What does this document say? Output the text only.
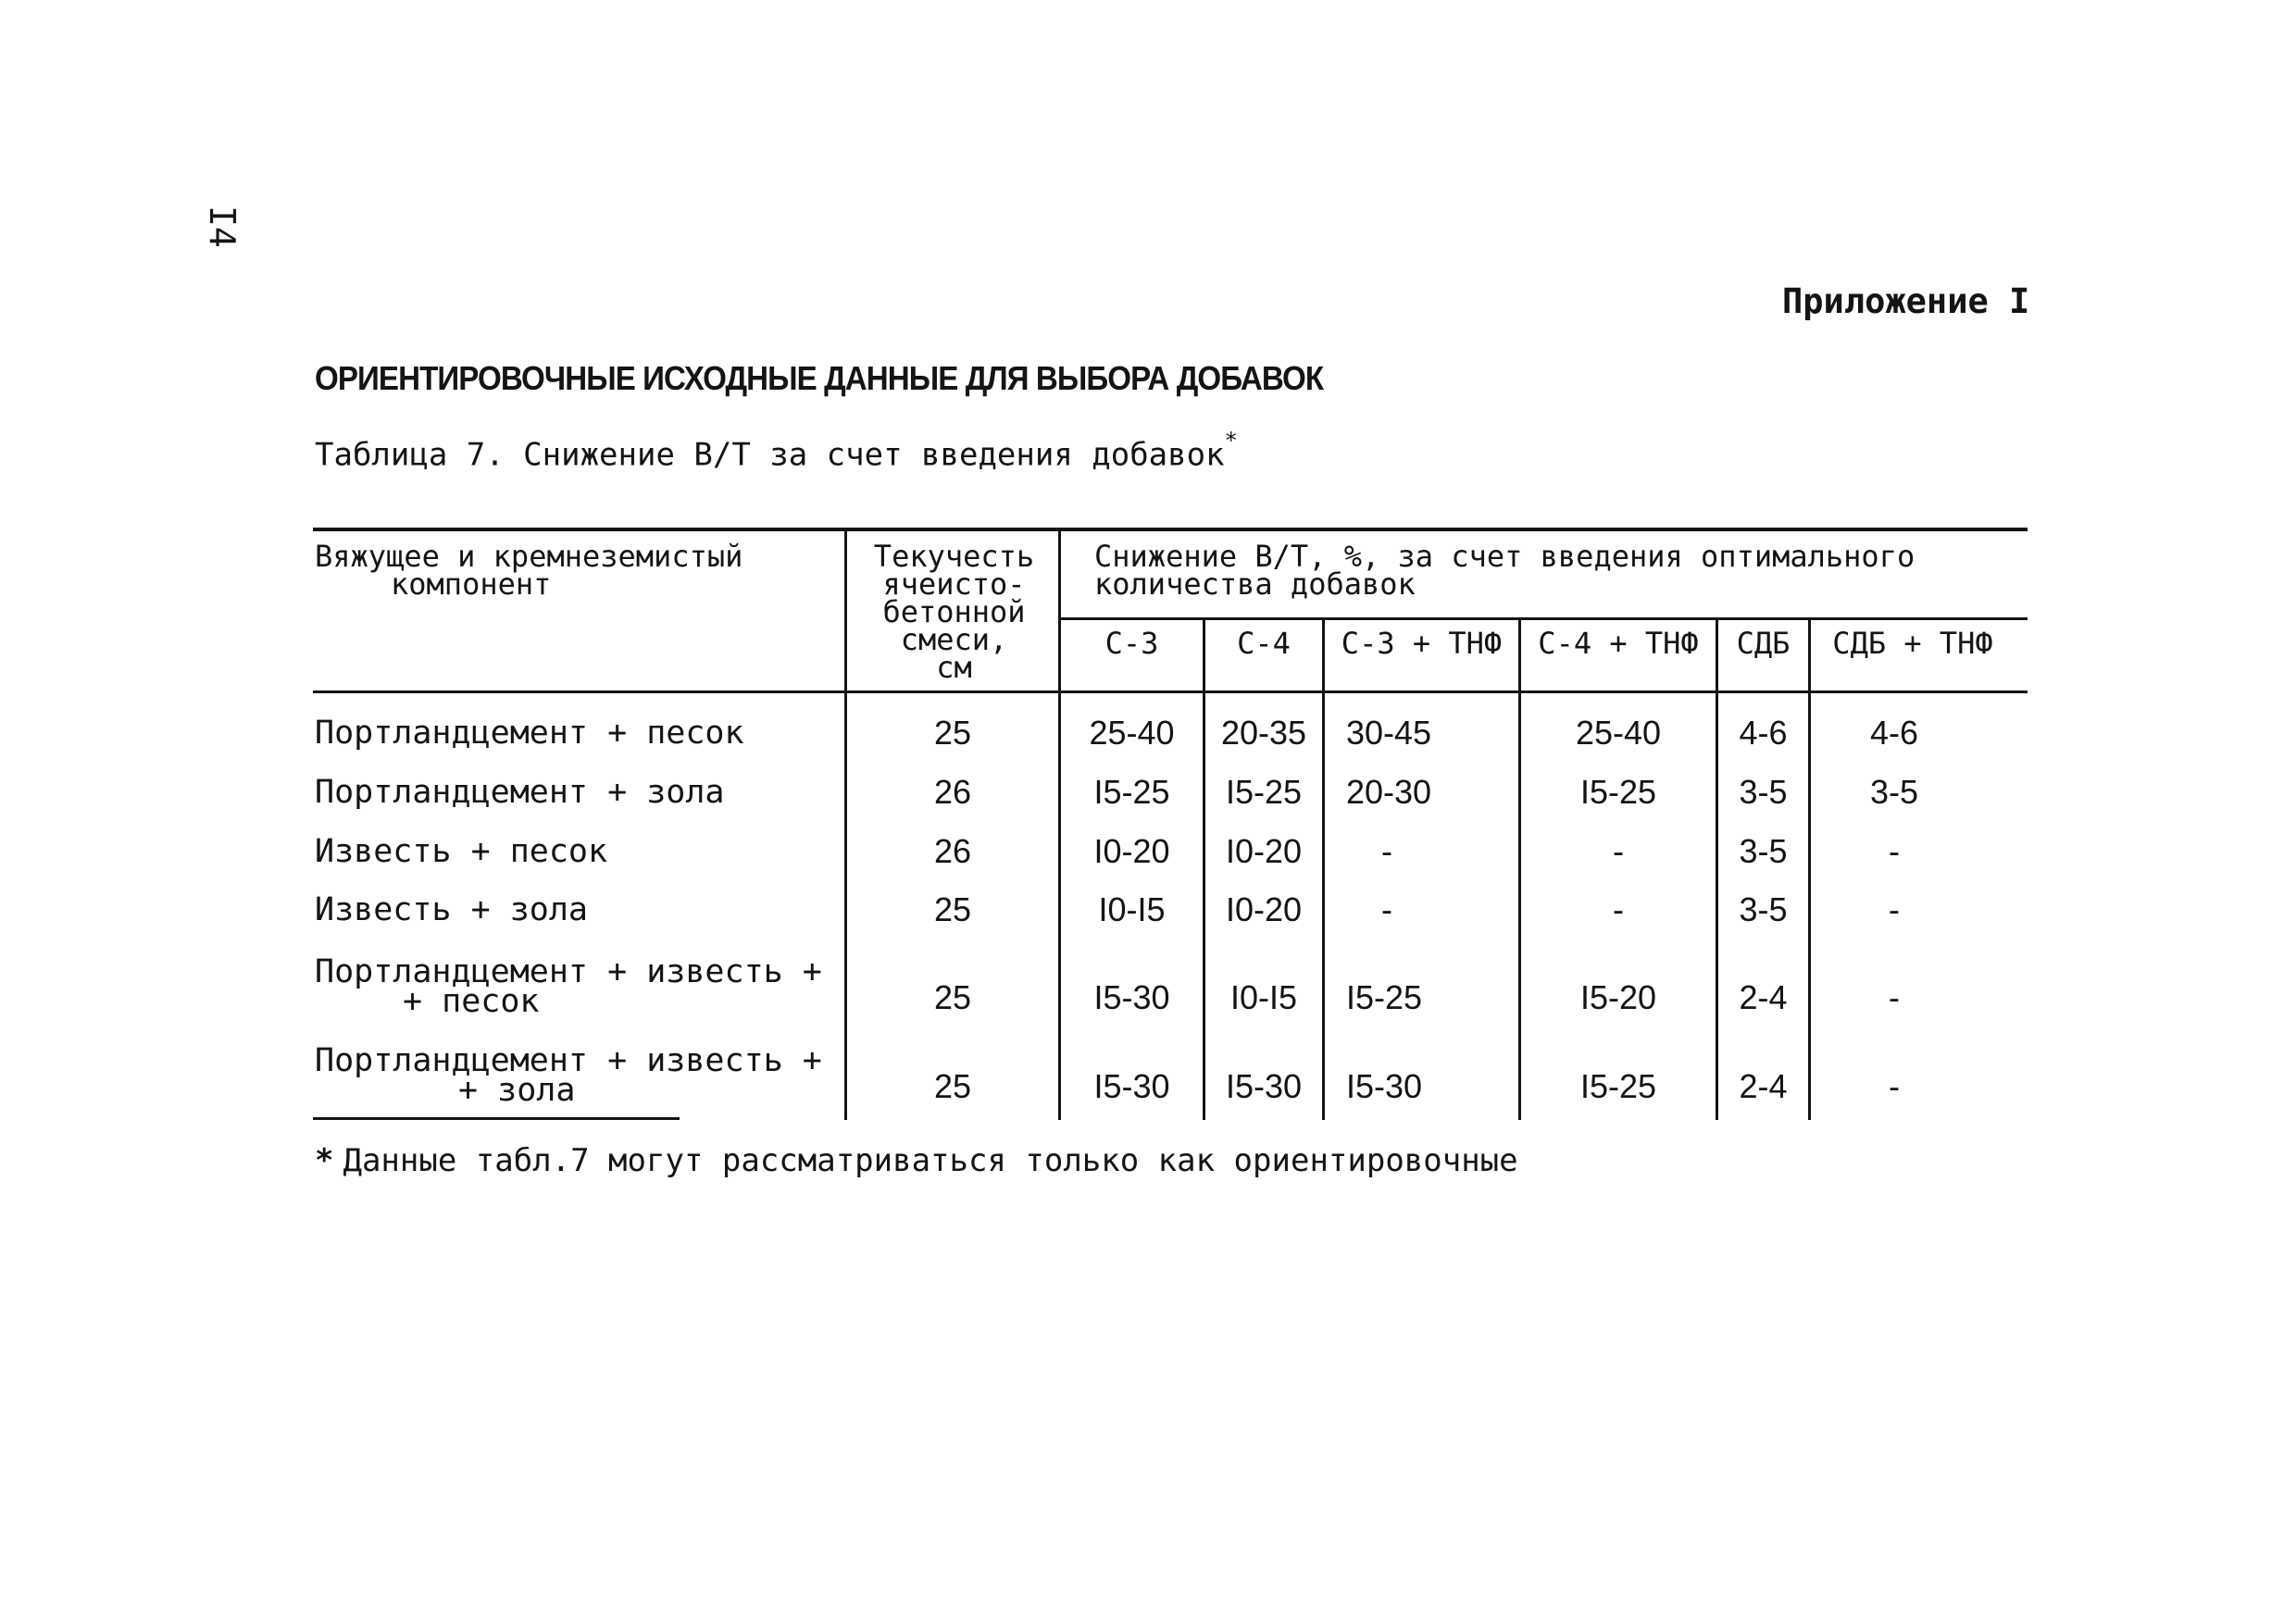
I4
Приложение I
ОРИЕНТИРОВОЧНЫЕ ИСХОДНЫЕ ДАННЫЕ ДЛЯ ВЫБОРА ДОБАВОК
Таблица 7. Снижение В/Т за счет введения добавок*
Вяжущее и кремнеземистый
компонент
Текучесть
ячеисто-
бетонной
смеси,
см
Снижение В/Т, %, за счет введения оптимального
количества добавок
С-3	С-4	С-3 + ТНФ	С-4 + ТНФ	СДБ	СДБ + ТНФ
Портландцемент + песок	25	25-40	20-35	30-45	25-40	4-6	4-6
Портландцемент + зола	26	I5-25	I5-25	20-30	I5-25	3-5	3-5
Известь + песок	26	I0-20	I0-20	-	-	3-5	-
Известь + зола	25	I0-I5	I0-20	-	-	3-5	-
Портландцемент + известь +
+ песок	25	I5-30	I0-I5	I5-25	I5-20	2-4	-
Портландцемент + известь +
+ зола	25	I5-30	I5-30	I5-30	I5-25	2-4	-
* Данные табл.7 могут рассматриваться только как ориентировочные
